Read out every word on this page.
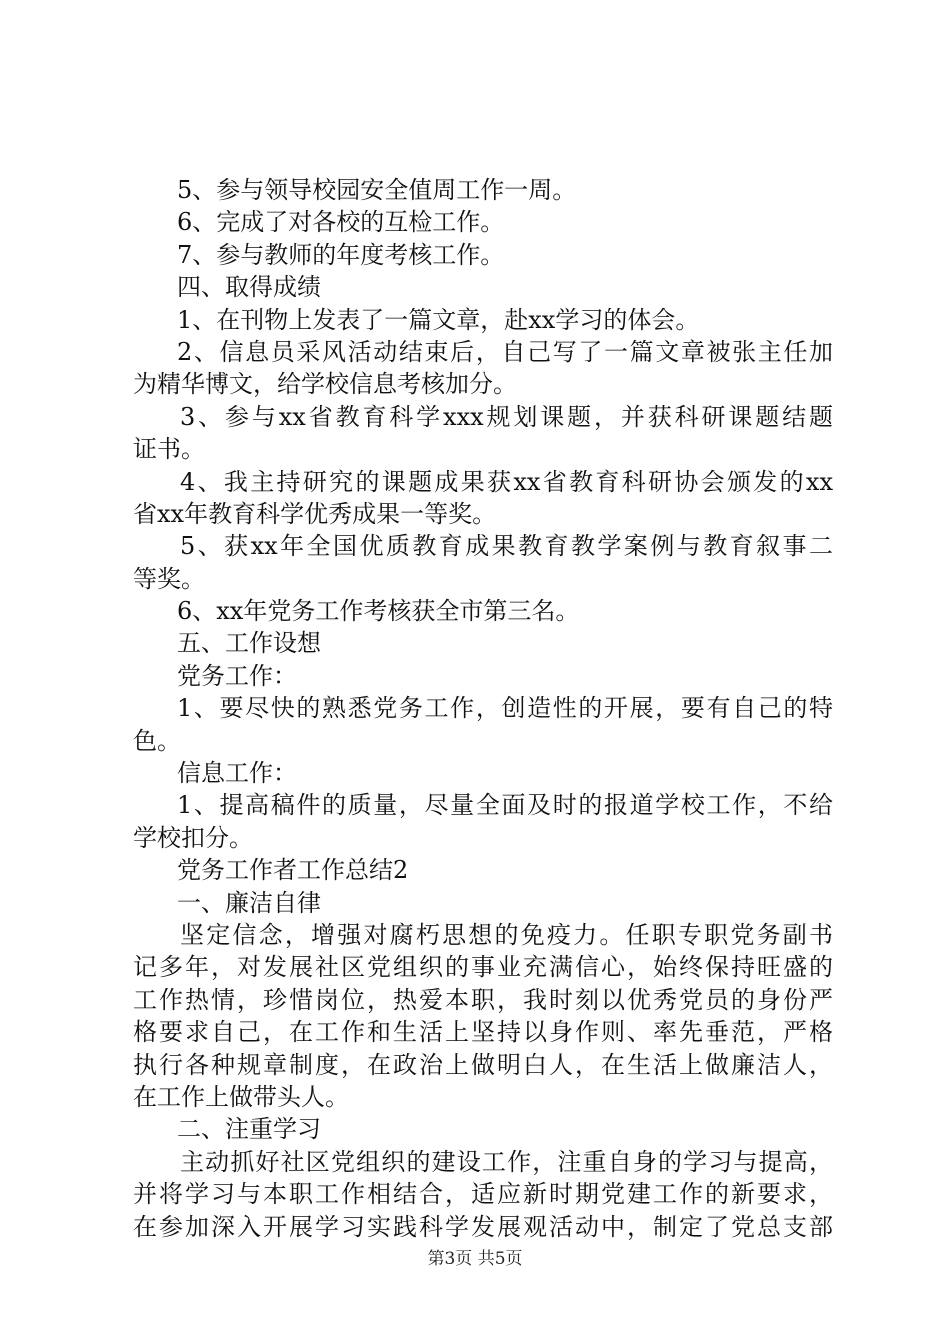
5、参与领导校园安全值周工作一周。
6、完成了对各校的互检工作。
7、参与教师的年度考核工作。
四、取得成绩
1、在刊物上发表了一篇文章，赴xx学习的体会。
2、信息员采风活动结束后，自己写了一篇文章被张主任加
为精华博文，给学校信息考核加分。
3、参与xx省教育科学xxx规划课题，并获科研课题结题
证书。
4、我主持研究的课题成果获xx省教育科研协会颁发的xx
省xx年教育科学优秀成果一等奖。
5、获xx年全国优质教育成果教育教学案例与教育叙事二
等奖。
6、xx年党务工作考核获全市第三名。
五、工作设想
党务工作：
1、要尽快的熟悉党务工作，创造性的开展，要有自己的特
色。
信息工作：
1、提高稿件的质量，尽量全面及时的报道学校工作，不给
学校扣分。
党务工作者工作总结2
一、廉洁自律
坚定信念，增强对腐朽思想的免疫力。任职专职党务副书
记多年，对发展社区党组织的事业充满信心，始终保持旺盛的
工作热情，珍惜岗位，热爱本职，我时刻以优秀党员的身份严
格要求自己，在工作和生活上坚持以身作则、率先垂范，严格
执行各种规章制度，在政治上做明白人，在生活上做廉洁人，
在工作上做带头人。
二、注重学习
主动抓好社区党组织的建设工作，注重自身的学习与提高，
并将学习与本职工作相结合，适应新时期党建工作的新要求，
在参加深入开展学习实践科学发展观活动中，制定了党总支部
第3页 共5页
